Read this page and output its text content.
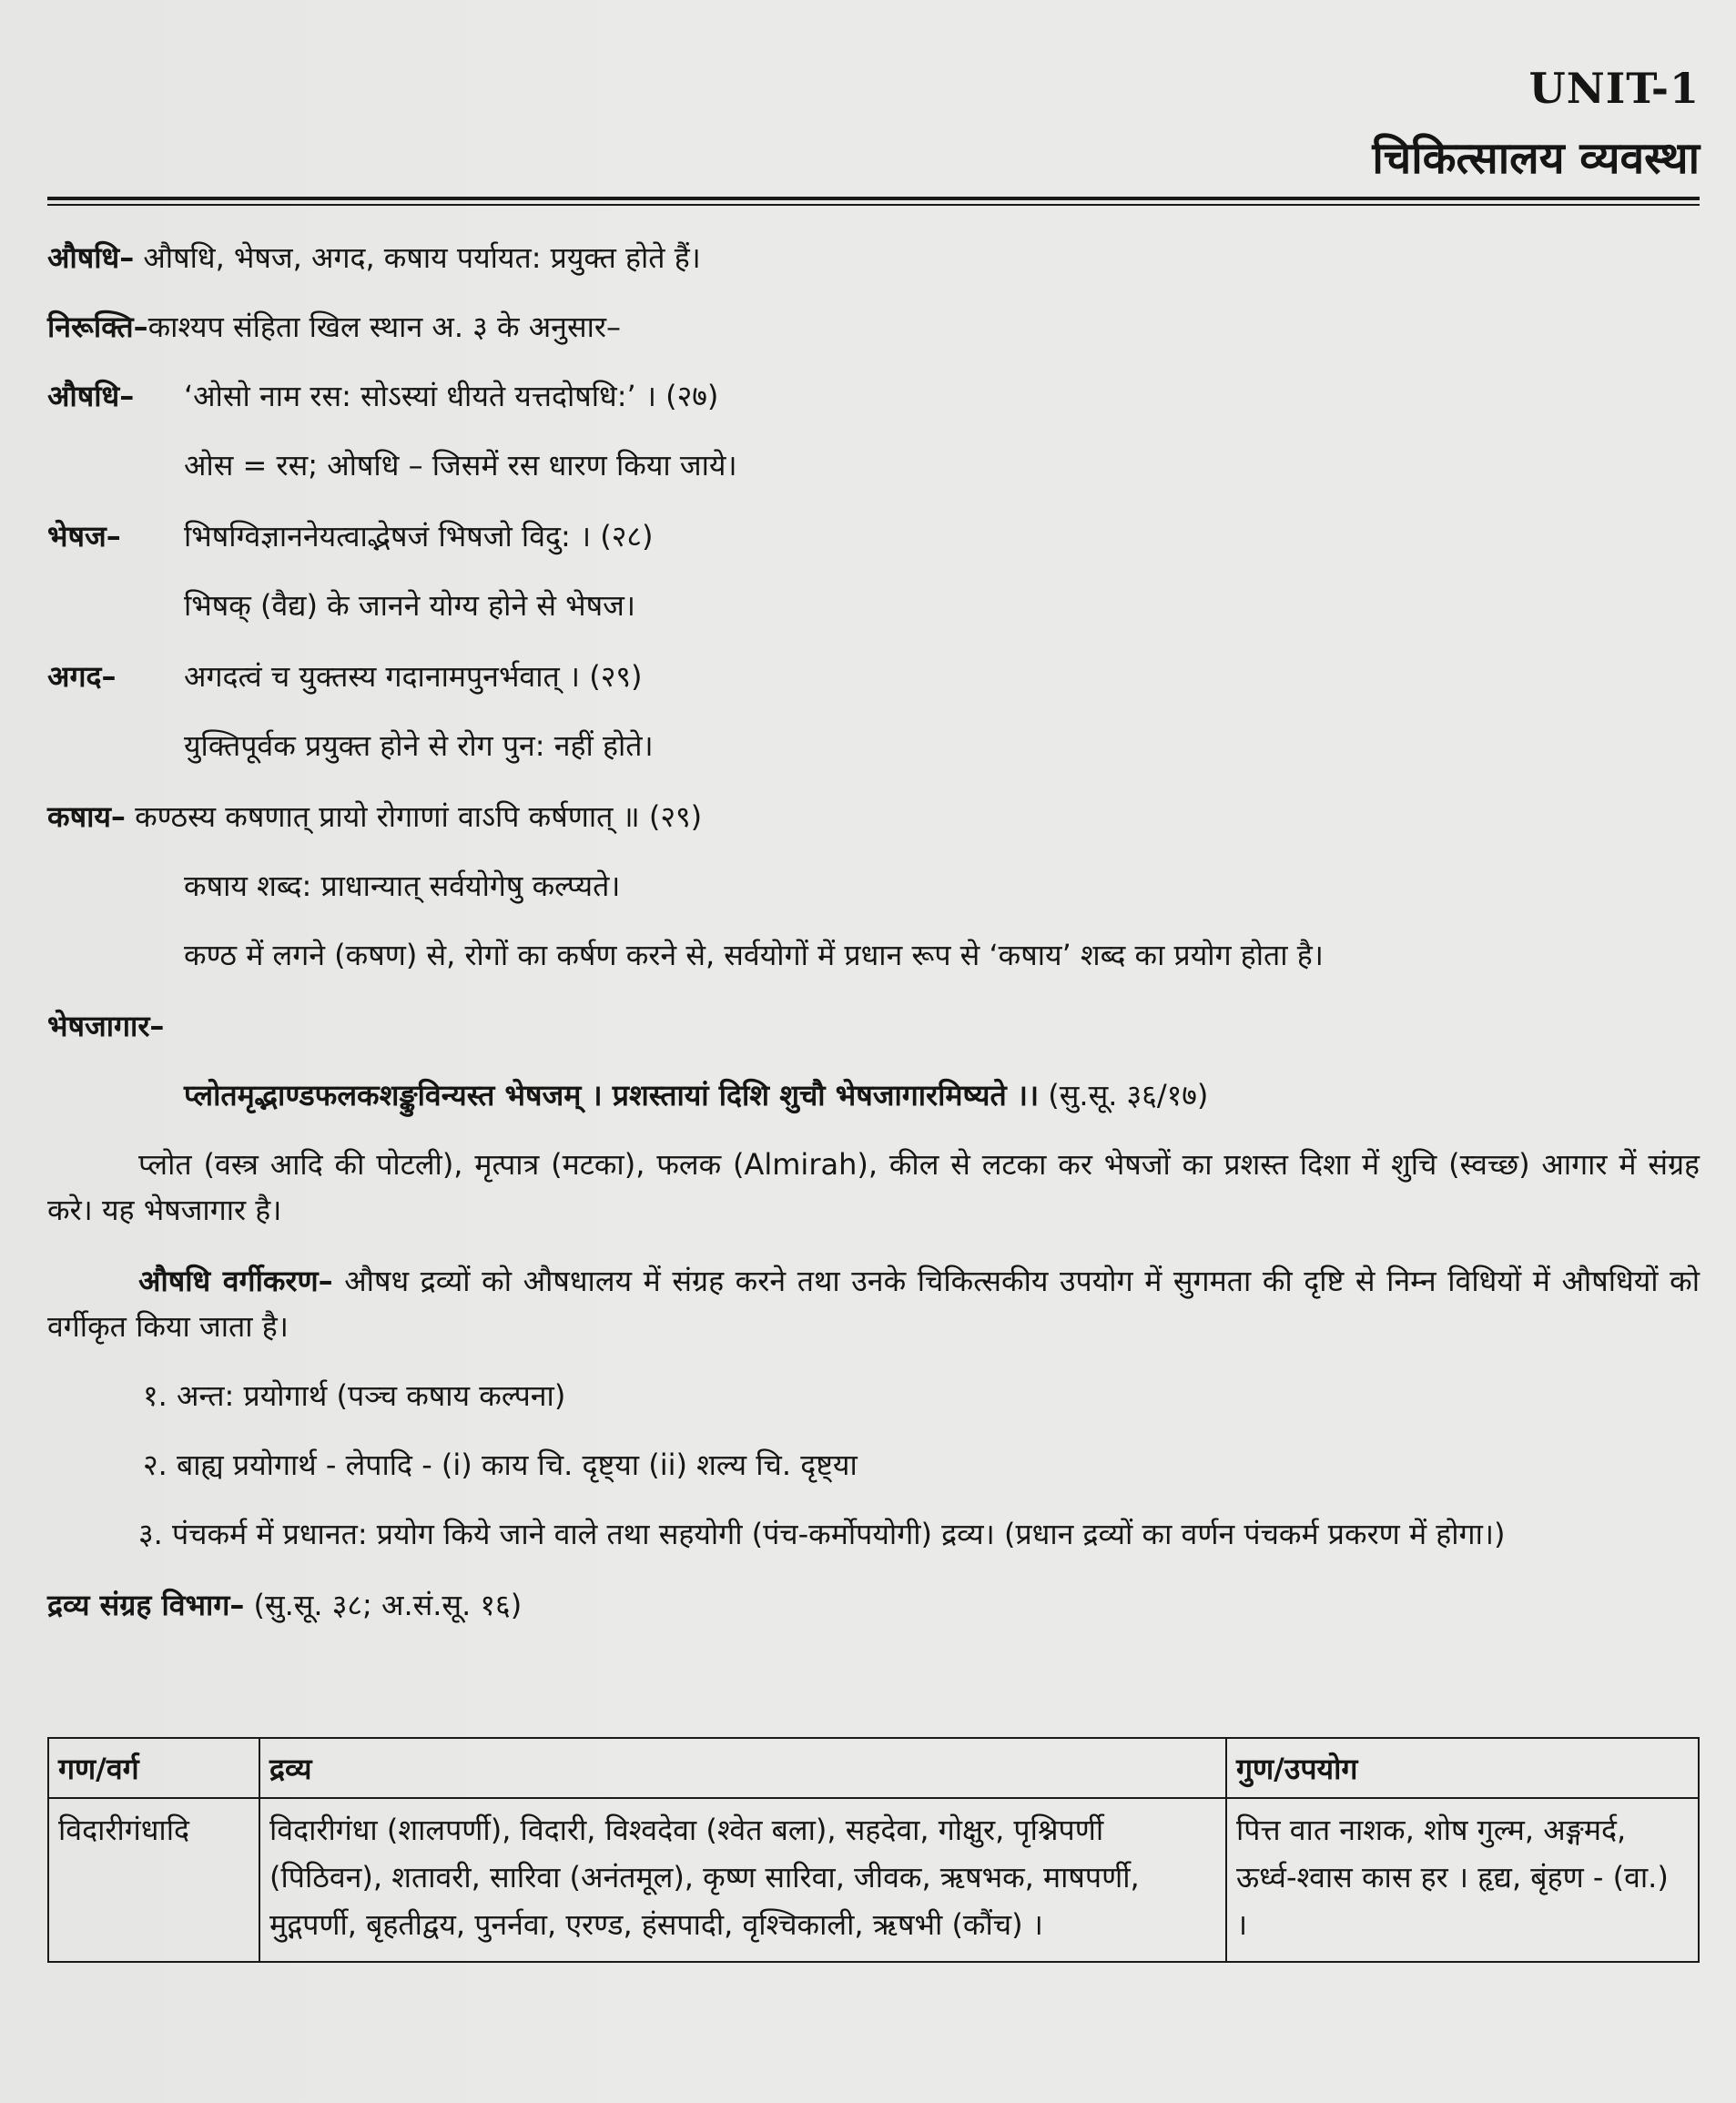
UNIT-1
चिकित्सालय व्यवस्था
औषधि– औषधि, भेषज, अगद, कषाय पर्यायत: प्रयुक्त होते हैं।
निरूक्ति–काश्यप संहिता खिल स्थान अ. ३ के अनुसार–
औषधि– ‘ओसो नाम रस: सोऽस्यां धीयते यत्तदोषधि:’ । (२७)
ओस = रस; ओषधि – जिसमें रस धारण किया जाये।
भेषज– भिषग्विज्ञाननेयत्वाद्भेषजं भिषजो विदु: । (२८)
भिषक् (वैद्य) के जानने योग्य होने से भेषज।
अगद– अगदत्वं च युक्तस्य गदानामपुनर्भवात् । (२९)
युक्तिपूर्वक प्रयुक्त होने से रोग पुन: नहीं होते।
कषाय– कण्ठस्य कषणात् प्रायो रोगाणां वाऽपि कर्षणात् ॥ (२९)
कषाय शब्द: प्राधान्यात् सर्वयोगेषु कल्प्यते।
कण्ठ में लगने (कषण) से, रोगों का कर्षण करने से, सर्वयोगों में प्रधान रूप से ‘कषाय’ शब्द का प्रयोग होता है।
भेषजागार–
प्लोतमृद्भाण्डफलकशङ्कुविन्यस्त भेषजम् । प्रशस्तायां दिशि शुचौ भेषजागारमिष्यते ।। (सु.सू. ३६/१७)
प्लोत (वस्त्र आदि की पोटली), मृत्पात्र (मटका), फलक (Almirah), कील से लटका कर भेषजों का प्रशस्त दिशा में शुचि (स्वच्छ) आगार में संग्रह करे। यह भेषजागार है।
औषधि वर्गीकरण– औषध द्रव्यों को औषधालय में संग्रह करने तथा उनके चिकित्सकीय उपयोग में सुगमता की दृष्टि से निम्न विधियों में औषधियों को वर्गीकृत किया जाता है।
१. अन्त: प्रयोगार्थ (पञ्च कषाय कल्पना)
२. बाह्य प्रयोगार्थ - लेपादि - (i) काय चि. दृष्ट्या (ii) शल्य चि. दृष्ट्या
३. पंचकर्म में प्रधानत: प्रयोग किये जाने वाले तथा सहयोगी (पंच-कर्मोपयोगी) द्रव्य। (प्रधान द्रव्यों का वर्णन पंचकर्म प्रकरण में होगा।)
द्रव्य संग्रह विभाग– (सु.सू. ३८; अ.सं.सू. १६)
गण/वर्ग	द्रव्य	गुण/उपयोग
विदारीगंधादि	विदारीगंधा (शालपर्णी), विदारी, विश्वदेवा (श्वेत बला), सहदेवा, गोक्षुर, पृश्निपर्णी (पिठिवन), शतावरी, सारिवा (अनंतमूल), कृष्ण सारिवा, जीवक, ऋषभक, माषपर्णी, मुद्गपर्णी, बृहतीद्वय, पुनर्नवा, एरण्ड, हंसपादी, वृश्चिकाली, ऋषभी (कौंच) ।	पित्त वात नाशक, शोष गुल्म, अङ्गमर्द, ऊर्ध्व-श्वास कास हर । हृद्य, बृंहण - (वा.) ।
